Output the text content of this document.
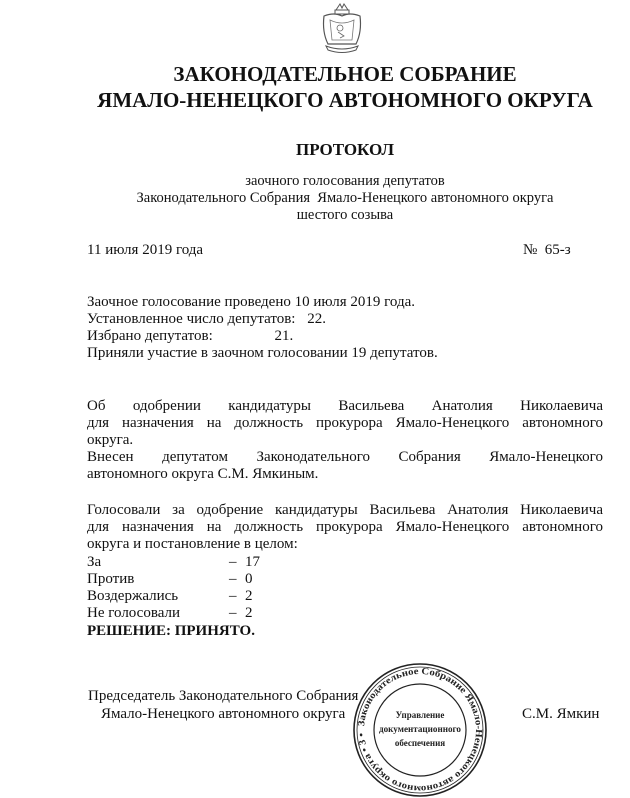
ЗАКОНОДАТЕЛЬНОЕ СОБРАНИЕ
ЯМАЛО-НЕНЕЦКОГО АВТОНОМНОГО ОКРУГА
ПРОТОКОЛ
заочного голосования депутатов
Законодательного Собрания  Ямало-Ненецкого автономного округа
шестого созыва
11 июля 2019 года	№  65-з
Заочное голосование проведено 10 июля 2019 года.
Установленное число депутатов: 22.
Избрано депутатов:	21.
Приняли участие в заочном голосовании 19 депутатов.
Об одобрении кандидатуры Васильева Анатолия Николаевича
для назначения на должность прокурора Ямало-Ненецкого автономного
округа.
Внесен депутатом Законодательного Собрания Ямало-Ненецкого
автономного округа С.М. Ямкиным.
Голосовали за одобрение кандидатуры Васильева Анатолия Николаевича
для назначения на должность прокурора Ямало-Ненецкого автономного
округа и постановление в целом:
За	– 17
Против	– 0
Воздержались	– 2
Не голосовали	– 2
РЕШЕНИЕ: ПРИНЯТО.
Председатель Законодательного Собрания
Ямало-Ненецкого автономного округа	С.М. Ямкин
Законодательное Собрание Ямало-Ненецкого автономного округа • 3 •
Управление
документационного
обеспечения
